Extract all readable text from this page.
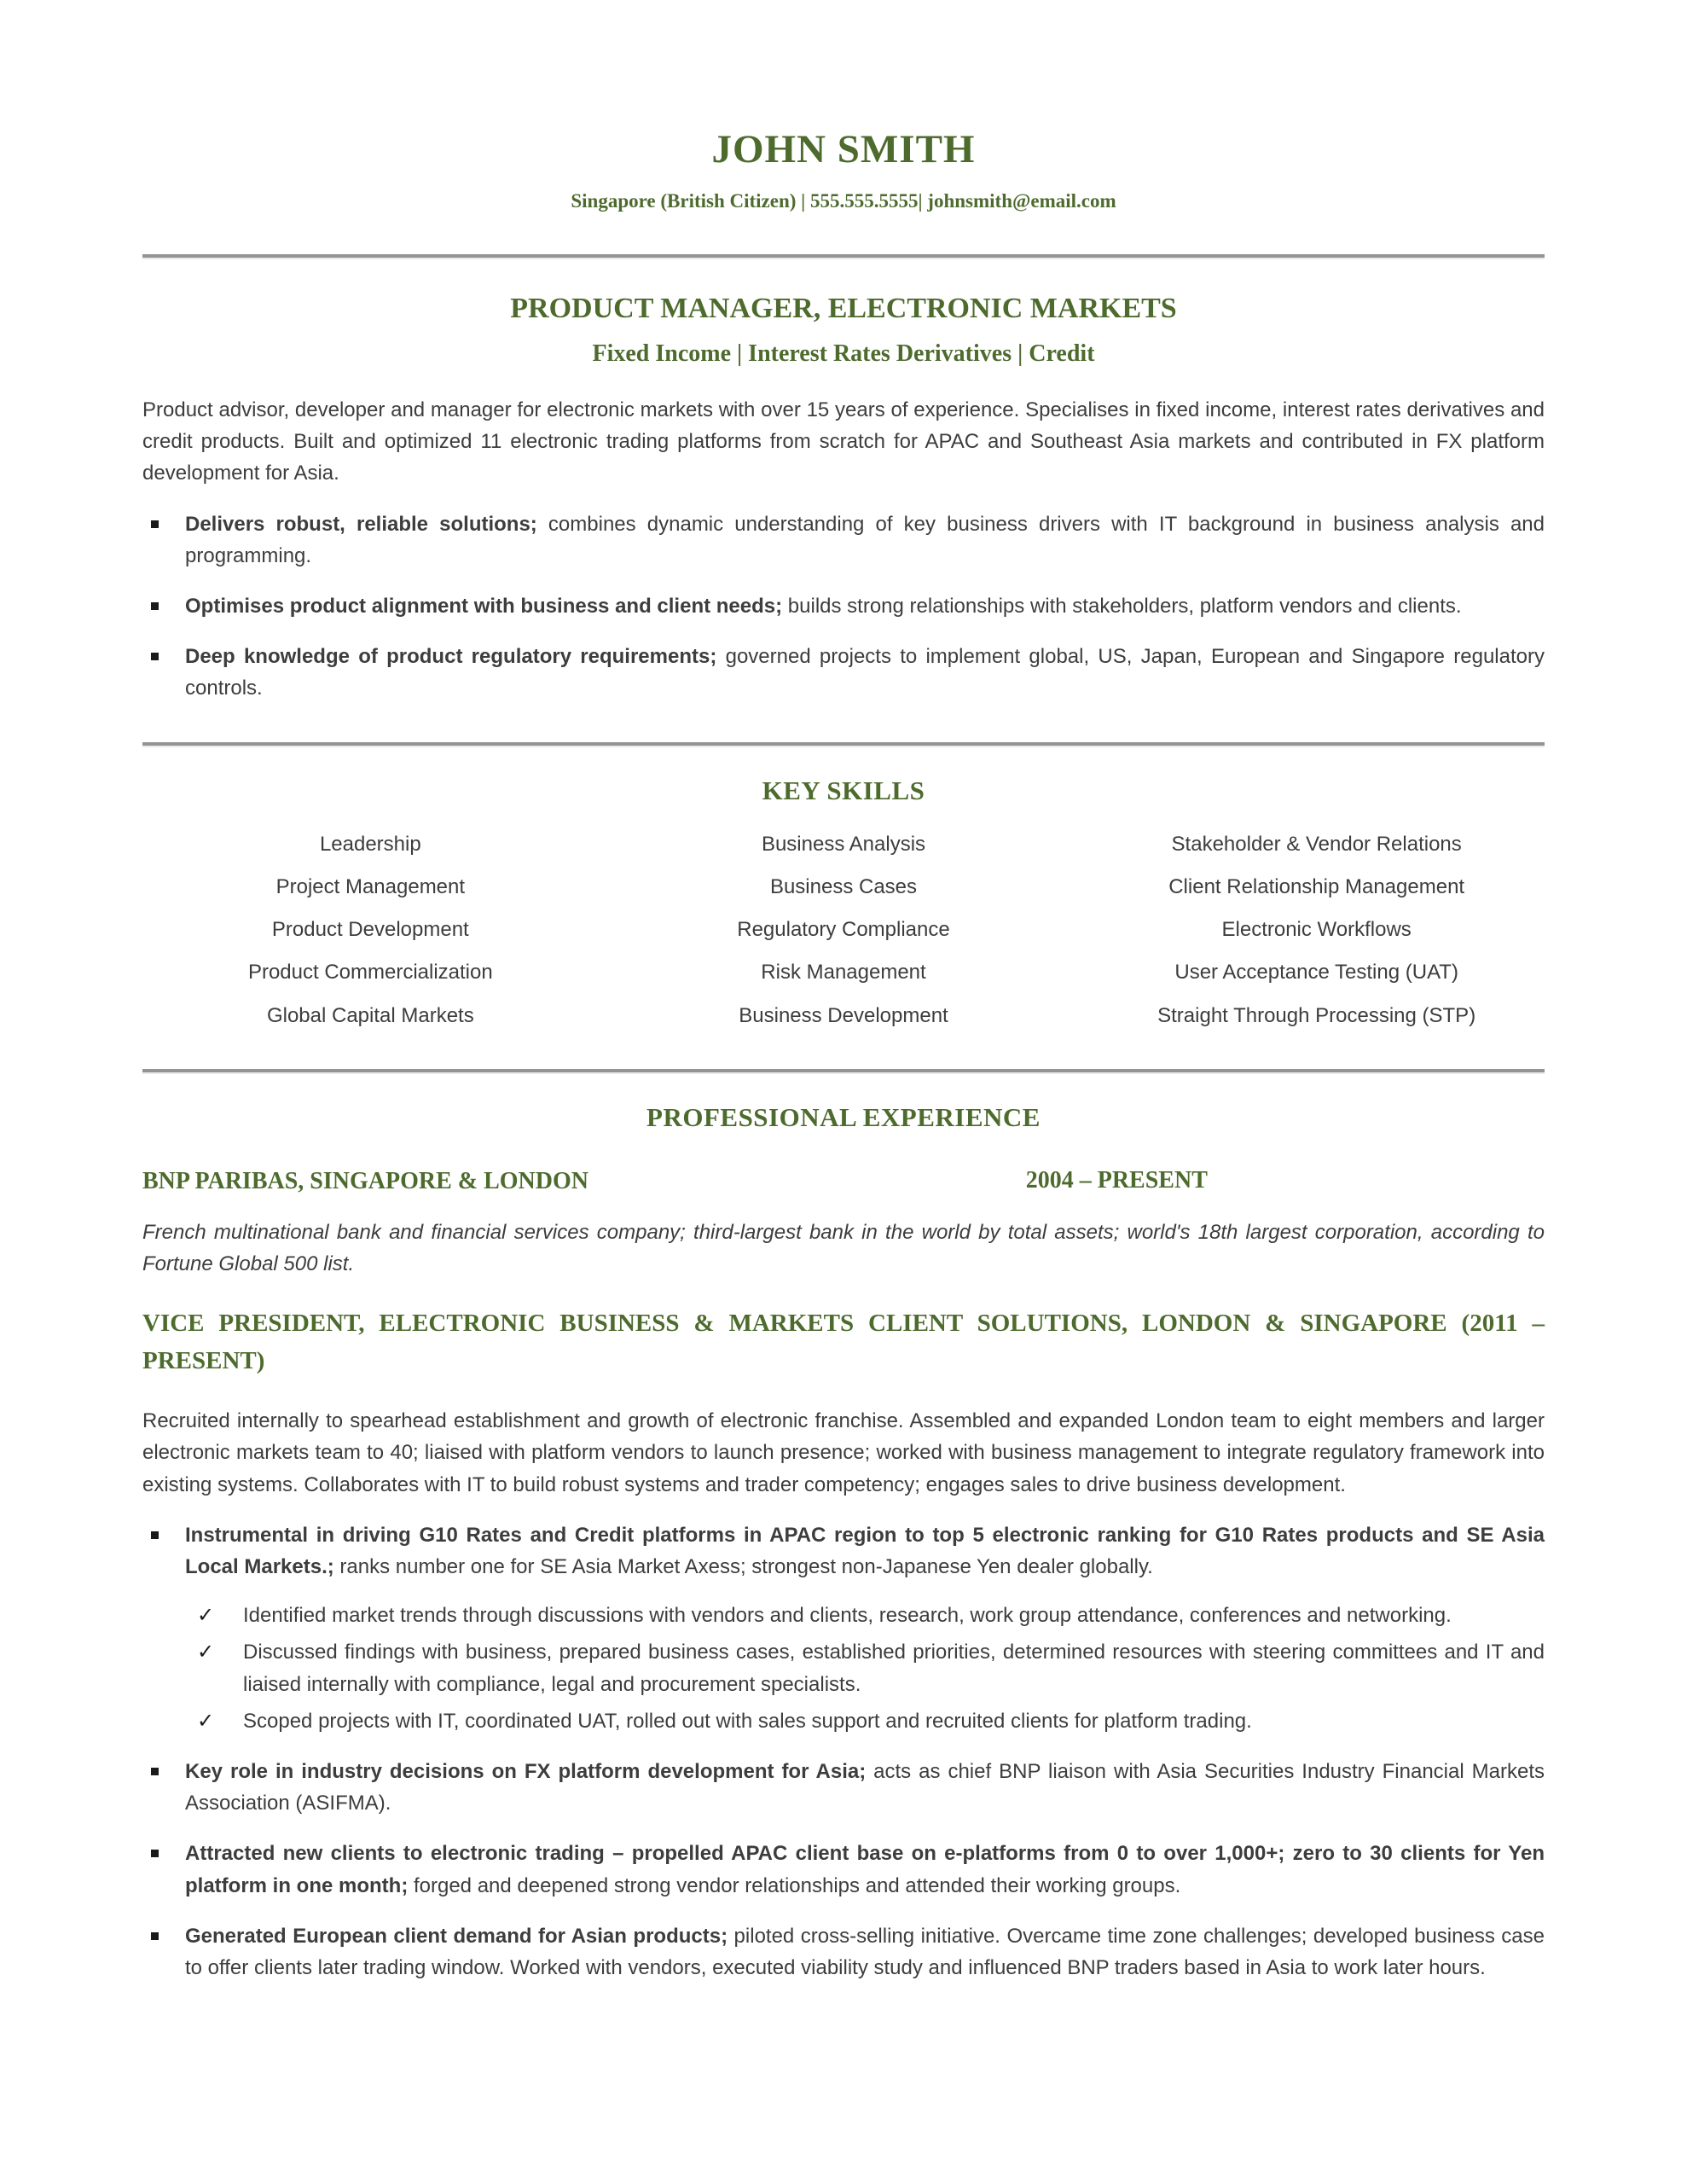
JOHN SMITH
Singapore (British Citizen) | 555.555.5555| johnsmith@email.com
PRODUCT MANAGER, ELECTRONIC MARKETS
Fixed Income | Interest Rates Derivatives | Credit

Product advisor, developer and manager for electronic markets with over 15 years of experience. Specialises in fixed income, interest rates derivatives and credit products. Built and optimized 11 electronic trading platforms from scratch for APAC and Southeast Asia markets and contributed in FX platform development for Asia.

Delivers robust, reliable solutions; combines dynamic understanding of key business drivers with IT background in business analysis and programming.
Optimises product alignment with business and client needs; builds strong relationships with stakeholders, platform vendors and clients.
Deep knowledge of product regulatory requirements; governed projects to implement global, US, Japan, European and Singapore regulatory controls.
KEY SKILLS
Leadership	Business Analysis	Stakeholder & Vendor Relations
Project Management	Business Cases	Client Relationship Management
Product Development	Regulatory Compliance	Electronic Workflows
Product Commercialization	Risk Management	User Acceptance Testing (UAT)
Global Capital Markets	Business Development	Straight Through Processing (STP)
PROFESSIONAL EXPERIENCE
BNP PARIBAS, SINGAPORE & LONDON	2004 – PRESENT

French multinational bank and financial services company; third-largest bank in the world by total assets; world's 18th largest corporation, according to Fortune Global 500 list.

VICE PRESIDENT, ELECTRONIC BUSINESS & MARKETS CLIENT SOLUTIONS, LONDON & SINGAPORE (2011 – PRESENT)

Recruited internally to spearhead establishment and growth of electronic franchise. Assembled and expanded London team to eight members and larger electronic markets team to 40; liaised with platform vendors to launch presence; worked with business management to integrate regulatory framework into existing systems. Collaborates with IT to build robust systems and trader competency; engages sales to drive business development.

Instrumental in driving G10 Rates and Credit platforms in APAC region to top 5 electronic ranking for G10 Rates products and SE Asia Local Markets.; ranks number one for SE Asia Market Axess; strongest non-Japanese Yen dealer globally.
✓ Identified market trends through discussions with vendors and clients, research, work group attendance, conferences and networking.
✓ Discussed findings with business, prepared business cases, established priorities, determined resources with steering committees and IT and liaised internally with compliance, legal and procurement specialists.
✓ Scoped projects with IT, coordinated UAT, rolled out with sales support and recruited clients for platform trading.
Key role in industry decisions on FX platform development for Asia; acts as chief BNP liaison with Asia Securities Industry Financial Markets Association (ASIFMA).
Attracted new clients to electronic trading – propelled APAC client base on e-platforms from 0 to over 1,000+; zero to 30 clients for Yen platform in one month; forged and deepened strong vendor relationships and attended their working groups.
Generated European client demand for Asian products; piloted cross-selling initiative. Overcame time zone challenges; developed business case to offer clients later trading window. Worked with vendors, executed viability study and influenced BNP traders based in Asia to work later hours.
